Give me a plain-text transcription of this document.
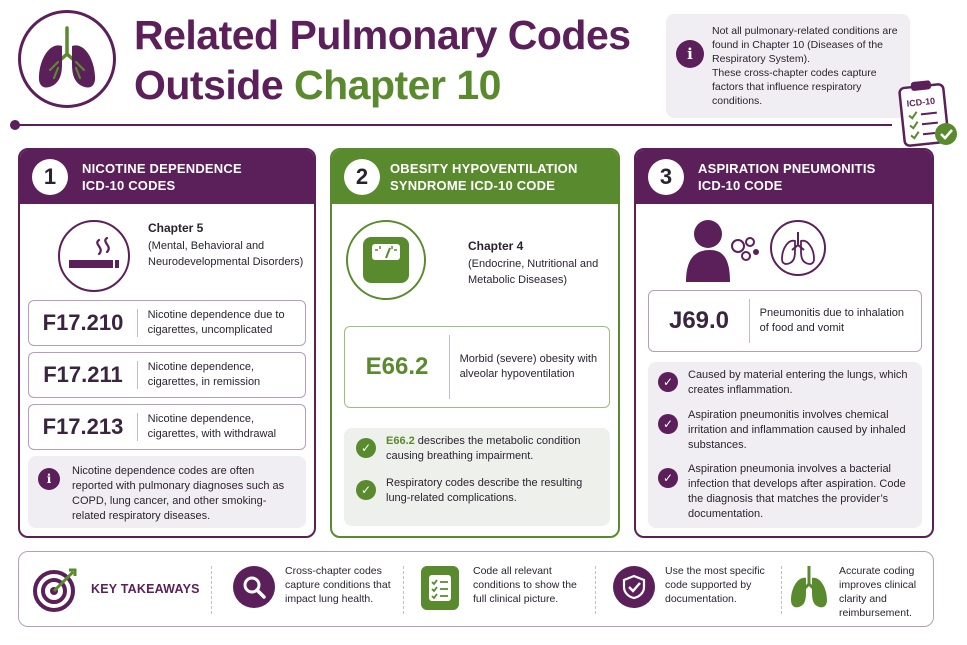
Related Pulmonary Codes
Outside Chapter 10
i

Not all pulmonary-related conditions are found in Chapter 10 (Diseases of the Respiratory System).

These cross-chapter codes capture factors that influence respiratory conditions.	ICD-10
1	NICOTINE DEPENDENCE
ICD-10 CODES
Chapter 5
(Mental, Behavioral and Neurodevelopmental Disorders)
F17.210	Nicotine dependence due to cigarettes, uncomplicated
F17.211	Nicotine dependence, cigarettes, in remission
F17.213	Nicotine dependence, cigarettes, with withdrawal
i
Nicotine dependence codes are often reported with pulmonary diagnoses such as COPD, lung cancer, and other smoking-related respiratory diseases.
2	OBESITY HYPOVENTILATION
SYNDROME ICD-10 CODE
Chapter 4
(Endocrine, Nutritional and Metabolic Diseases)
E66.2	Morbid (severe) obesity with alveolar hypoventilation
✓	E66.2 describes the metabolic condition causing breathing impairment.
✓	Respiratory codes describe the resulting lung-related complications.
3	ASPIRATION PNEUMONITIS
ICD-10 CODE
J69.0	Pneumonitis due to inhalation of food and vomit
✓	Caused by material entering the lungs, which creates inflammation.
✓
Aspiration pneumonitis involves chemical irritation and inflammation caused by inhaled substances.
✓
Aspiration pneumonia involves a bacterial infection that develops after aspiration. Code the diagnosis that matches the provider’s documentation.
KEY TAKEAWAYS
Cross-chapter codes capture conditions that impact lung health.
Code all relevant conditions to show the full clinical picture.
Use the most specific code supported by documentation.
Accurate coding improves clinical clarity and reimbursement.
